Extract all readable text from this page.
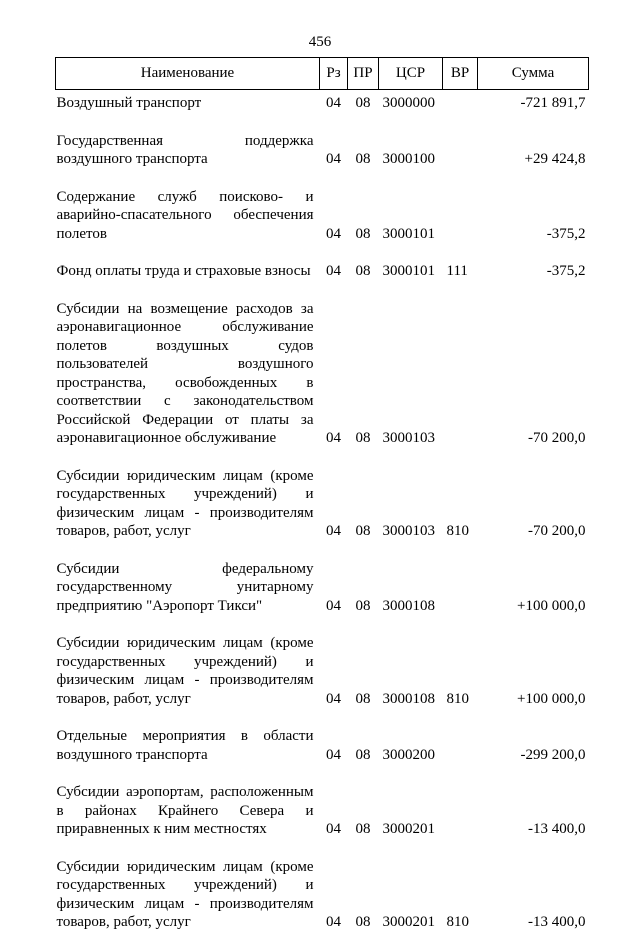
456
Наименование	Рз	ПР	ЦСР	ВР	Сумма
Воздушный транспорт	04	08	3000000		-721 891,7
Государственная поддержка воздушного транспорта	04	08	3000100		+29 424,8
Содержание служб поисково- и аварийно-спасательного обеспечения полетов	04	08	3000101		-375,2
Фонд оплаты труда и страховые взносы	04	08	3000101	111	-375,2
Субсидии на возмещение расходов за аэронавигационное обслуживание полетов воздушных судов пользователей воздушного пространства, освобожденных в соответствии с законодательством Российской Федерации от платы за аэронавигационное обслуживание	04	08	3000103		-70 200,0
Субсидии юридическим лицам (кроме государственных учреждений) и физическим лицам - производителям товаров, работ, услуг	04	08	3000103	810	-70 200,0
Субсидии федеральному государственному унитарному предприятию "Аэропорт Тикси"	04	08	3000108		+100 000,0
Субсидии юридическим лицам (кроме государственных учреждений) и физическим лицам - производителям товаров, работ, услуг	04	08	3000108	810	+100 000,0
Отдельные мероприятия в области воздушного транспорта	04	08	3000200		-299 200,0
Субсидии аэропортам, расположенным в районах Крайнего Севера и приравненных к ним местностях	04	08	3000201		-13 400,0
Субсидии юридическим лицам (кроме государственных учреждений) и физическим лицам - производителям товаров, работ, услуг	04	08	3000201	810	-13 400,0
